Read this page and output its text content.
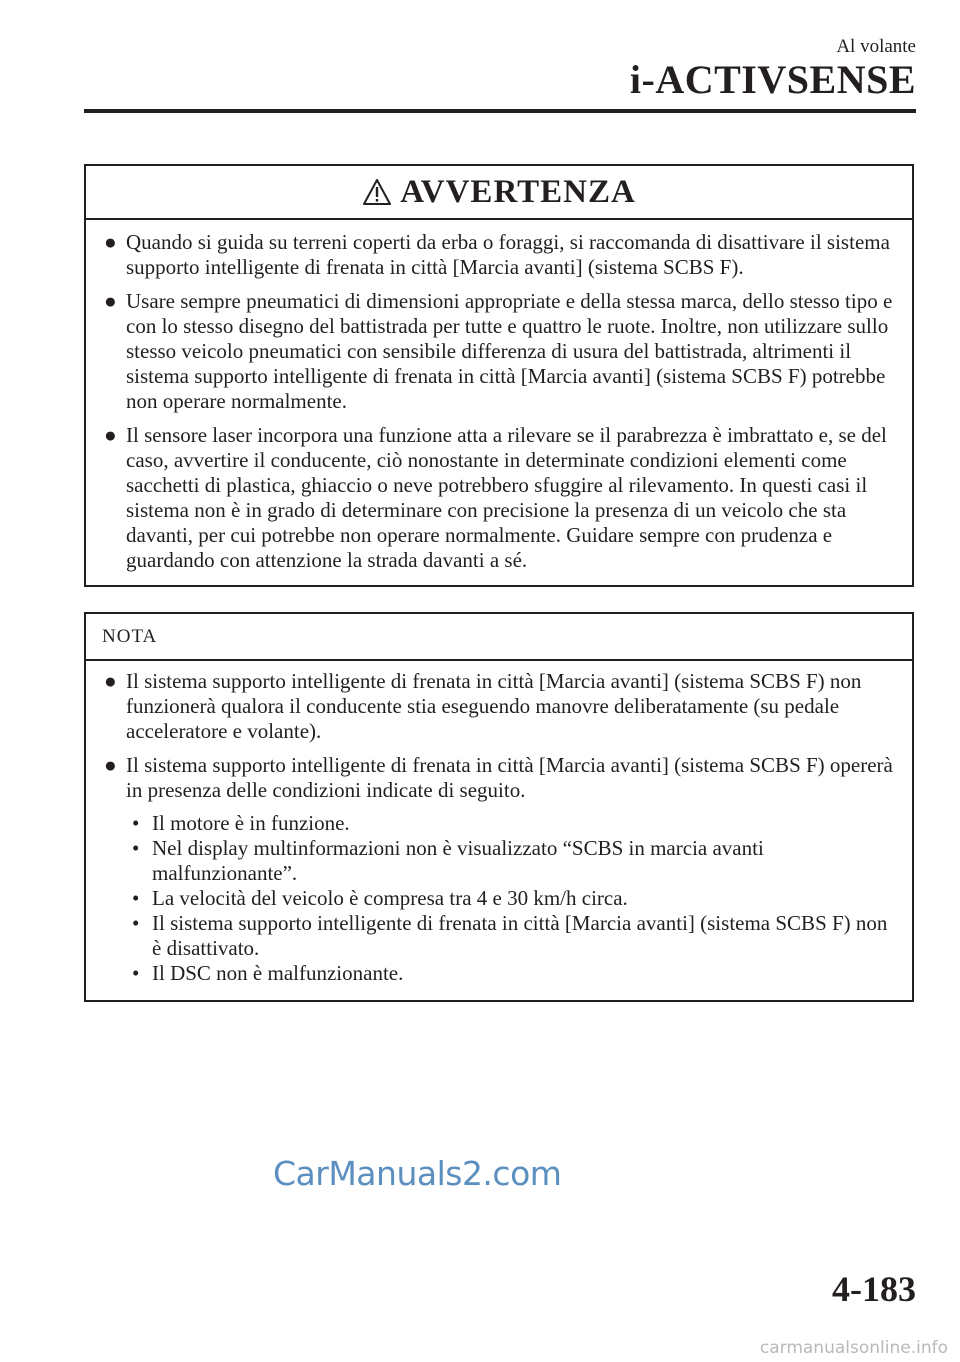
Al volante
i-ACTIVSENSE
AVVERTENZA
● Quando si guida su terreni coperti da erba o foraggi, si raccomanda di disattivare il sistema supporto intelligente di frenata in città [Marcia avanti] (sistema SCBS F).
● Usare sempre pneumatici di dimensioni appropriate e della stessa marca, dello stesso tipo e con lo stesso disegno del battistrada per tutte e quattro le ruote. Inoltre, non utilizzare sullo stesso veicolo pneumatici con sensibile differenza di usura del battistrada, altrimenti il sistema supporto intelligente di frenata in città [Marcia avanti] (sistema SCBS F) potrebbe non operare normalmente.
● Il sensore laser incorpora una funzione atta a rilevare se il parabrezza è imbrattato e, se del caso, avvertire il conducente, ciò nonostante in determinate condizioni elementi come sacchetti di plastica, ghiaccio o neve potrebbero sfuggire al rilevamento. In questi casi il sistema non è in grado di determinare con precisione la presenza di un veicolo che sta davanti, per cui potrebbe non operare normalmente. Guidare sempre con prudenza e guardando con attenzione la strada davanti a sé.
NOTA
● Il sistema supporto intelligente di frenata in città [Marcia avanti] (sistema SCBS F) non funzionerà qualora il conducente stia eseguendo manovre deliberatamente (su pedale acceleratore e volante).
● Il sistema supporto intelligente di frenata in città [Marcia avanti] (sistema SCBS F) opererà in presenza delle condizioni indicate di seguito.
• Il motore è in funzione.
• Nel display multinformazioni non è visualizzato “SCBS in marcia avanti malfunzionante”.
• La velocità del veicolo è compresa tra 4 e 30 km/h circa.
• Il sistema supporto intelligente di frenata in città [Marcia avanti] (sistema SCBS F) non è disattivato.
• Il DSC non è malfunzionante.
CarManuals2.com
4-183
carmanualsonline.info
